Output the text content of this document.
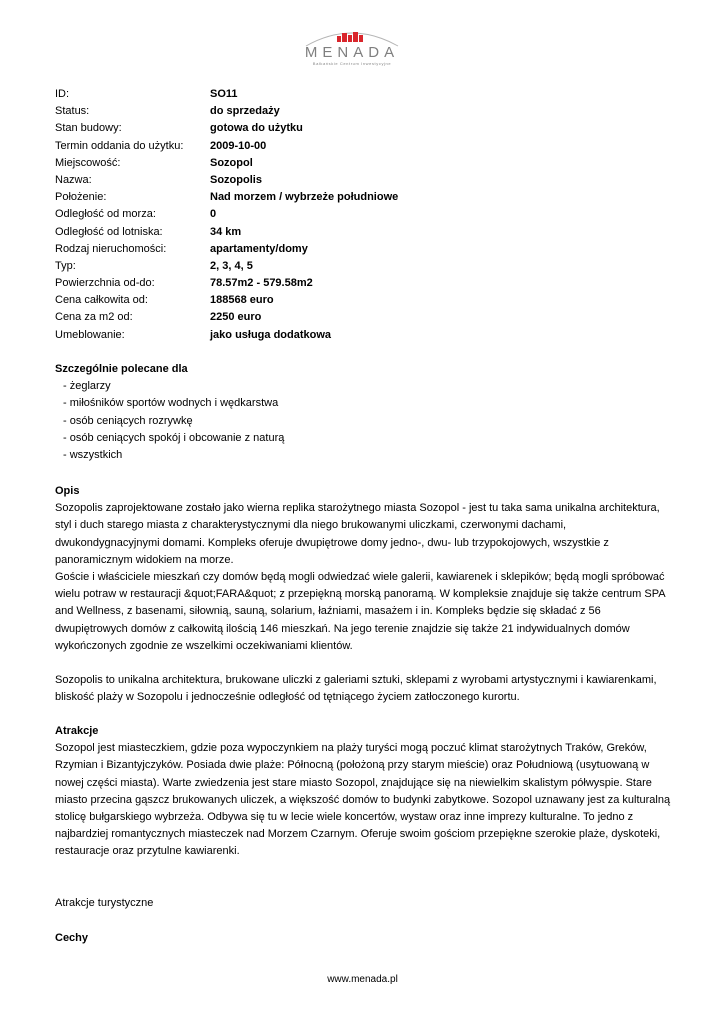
MENADA
Bałkańskie Centrum Inwestycyjne
ID:	SO11
Status:	do sprzedaży
Stan budowy:	gotowa do użytku
Termin oddania do użytku:	2009-10-00
Miejscowość:	Sozopol
Nazwa:	Sozopolis
Położenie:	Nad morzem / wybrzeże południowe
Odległość od morza:	0
Odległość od lotniska:	34 km
Rodzaj nieruchomości:	apartamenty/domy
Typ:	2, 3, 4, 5
Powierzchnia od-do:	78.57m2 - 579.58m2
Cena całkowita od:	188568 euro
Cena za m2 od:	2250 euro
Umeblowanie:	jako usługa dodatkowa
Szczególnie polecane dla
- żeglarzy
- miłośników sportów wodnych i wędkarstwa
- osób ceniących rozrywkę
- osób ceniących spokój i obcowanie z naturą
- wszystkich
Opis
Sozopolis zaprojektowane zostało jako wierna replika starożytnego miasta Sozopol - jest tu taka sama unikalna architektura,
styl i duch starego miasta z charakterystycznymi dla niego brukowanymi uliczkami, czerwonymi dachami,
dwukondygnacyjnymi domami. Kompleks oferuje dwupiętrowe domy jedno-, dwu- lub trzypokojowych, wszystkie z
panoramicznym widokiem na morze.
Goście i właściciele mieszkań czy domów będą mogli odwiedzać wiele galerii, kawiarenek i sklepików; będą mogli spróbować
wielu potraw w restauracji &quot;FARA&quot; z przepiękną morską panoramą. W kompleksie znajduje się także centrum SPA
and Wellness, z basenami, siłownią, sauną, solarium, łaźniami, masażem i in. Kompleks będzie się składać z 56
dwupiętrowych domów z całkowitą ilością 146 mieszkań. Na jego terenie znajdzie się także 21 indywidualnych domów
wykończonych zgodnie ze wszelkimi oczekiwaniami klientów.
Sozopolis to unikalna architektura, brukowane uliczki z galeriami sztuki, sklepami z wyrobami artystycznymi i kawiarenkami,
bliskość plaży w Sozopolu i jednocześnie odległość od tętniącego życiem zatłoczonego kurortu.
Atrakcje
Sozopol jest miasteczkiem, gdzie poza wypoczynkiem na plaży turyści mogą poczuć klimat starożytnych Traków, Greków,
Rzymian i Bizantyjczyków. Posiada dwie plaże: Północną (położoną przy starym mieście) oraz Południową (usytuowaną w
nowej części miasta). Warte zwiedzenia jest stare miasto Sozopol, znajdujące się na niewielkim skalistym półwyspie. Stare
miasto przecina gąszcz brukowanych uliczek, a większość domów to budynki zabytkowe. Sozopol uznawany jest za kulturalną
stolicę bułgarskiego wybrzeża. Odbywa się tu w lecie wiele koncertów, wystaw oraz inne imprezy kulturalne. To jedno z
najbardziej romantycznych miasteczek nad Morzem Czarnym. Oferuje swoim gościom przepiękne szerokie plaże, dyskoteki,
restauracje oraz przytulne kawiarenki.
Atrakcje turystyczne
Cechy
www.menada.pl
